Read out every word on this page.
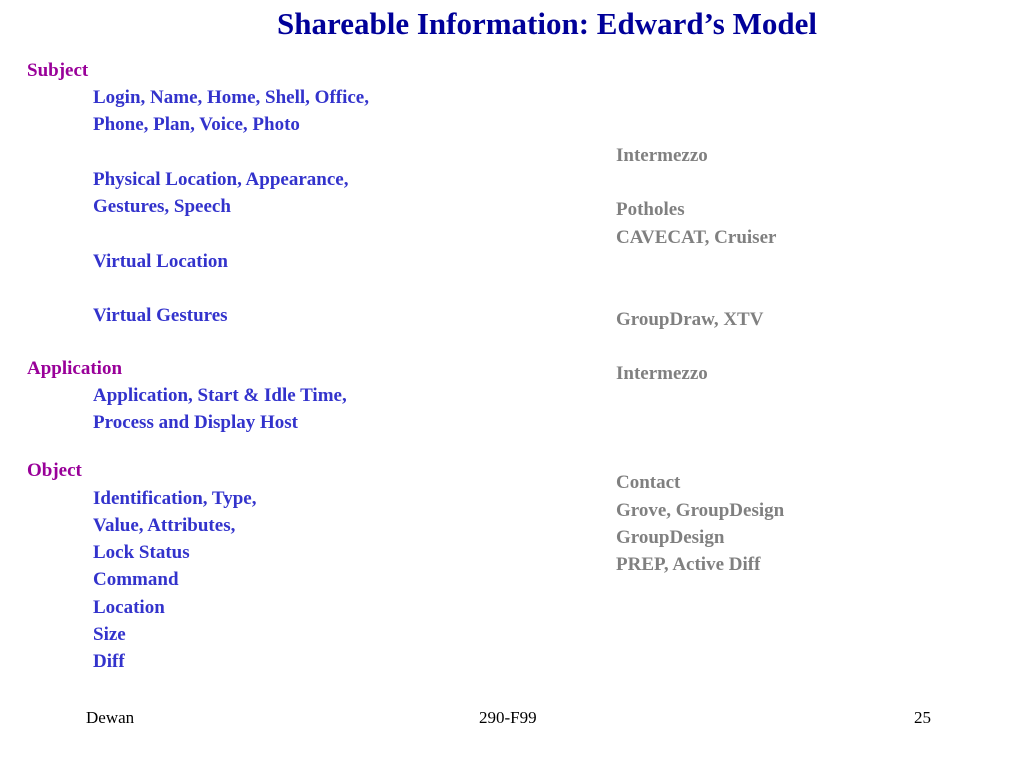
Shareable Information: Edward’s Model
Subject
Login, Name, Home, Shell, Office,
Phone, Plan, Voice, Photo
Physical Location, Appearance,
Gestures, Speech
Virtual Location
Virtual Gestures
Application
Application, Start & Idle Time,
Process and Display Host
Object
Identification, Type,
Value, Attributes,
Lock Status
Command
Location
Size
Diff
Intermezzo
Potholes
CAVECAT, Cruiser
GroupDraw, XTV
Intermezzo
Contact
Grove, GroupDesign
GroupDesign
PREP, Active Diff
Dewan	290-F99	25
